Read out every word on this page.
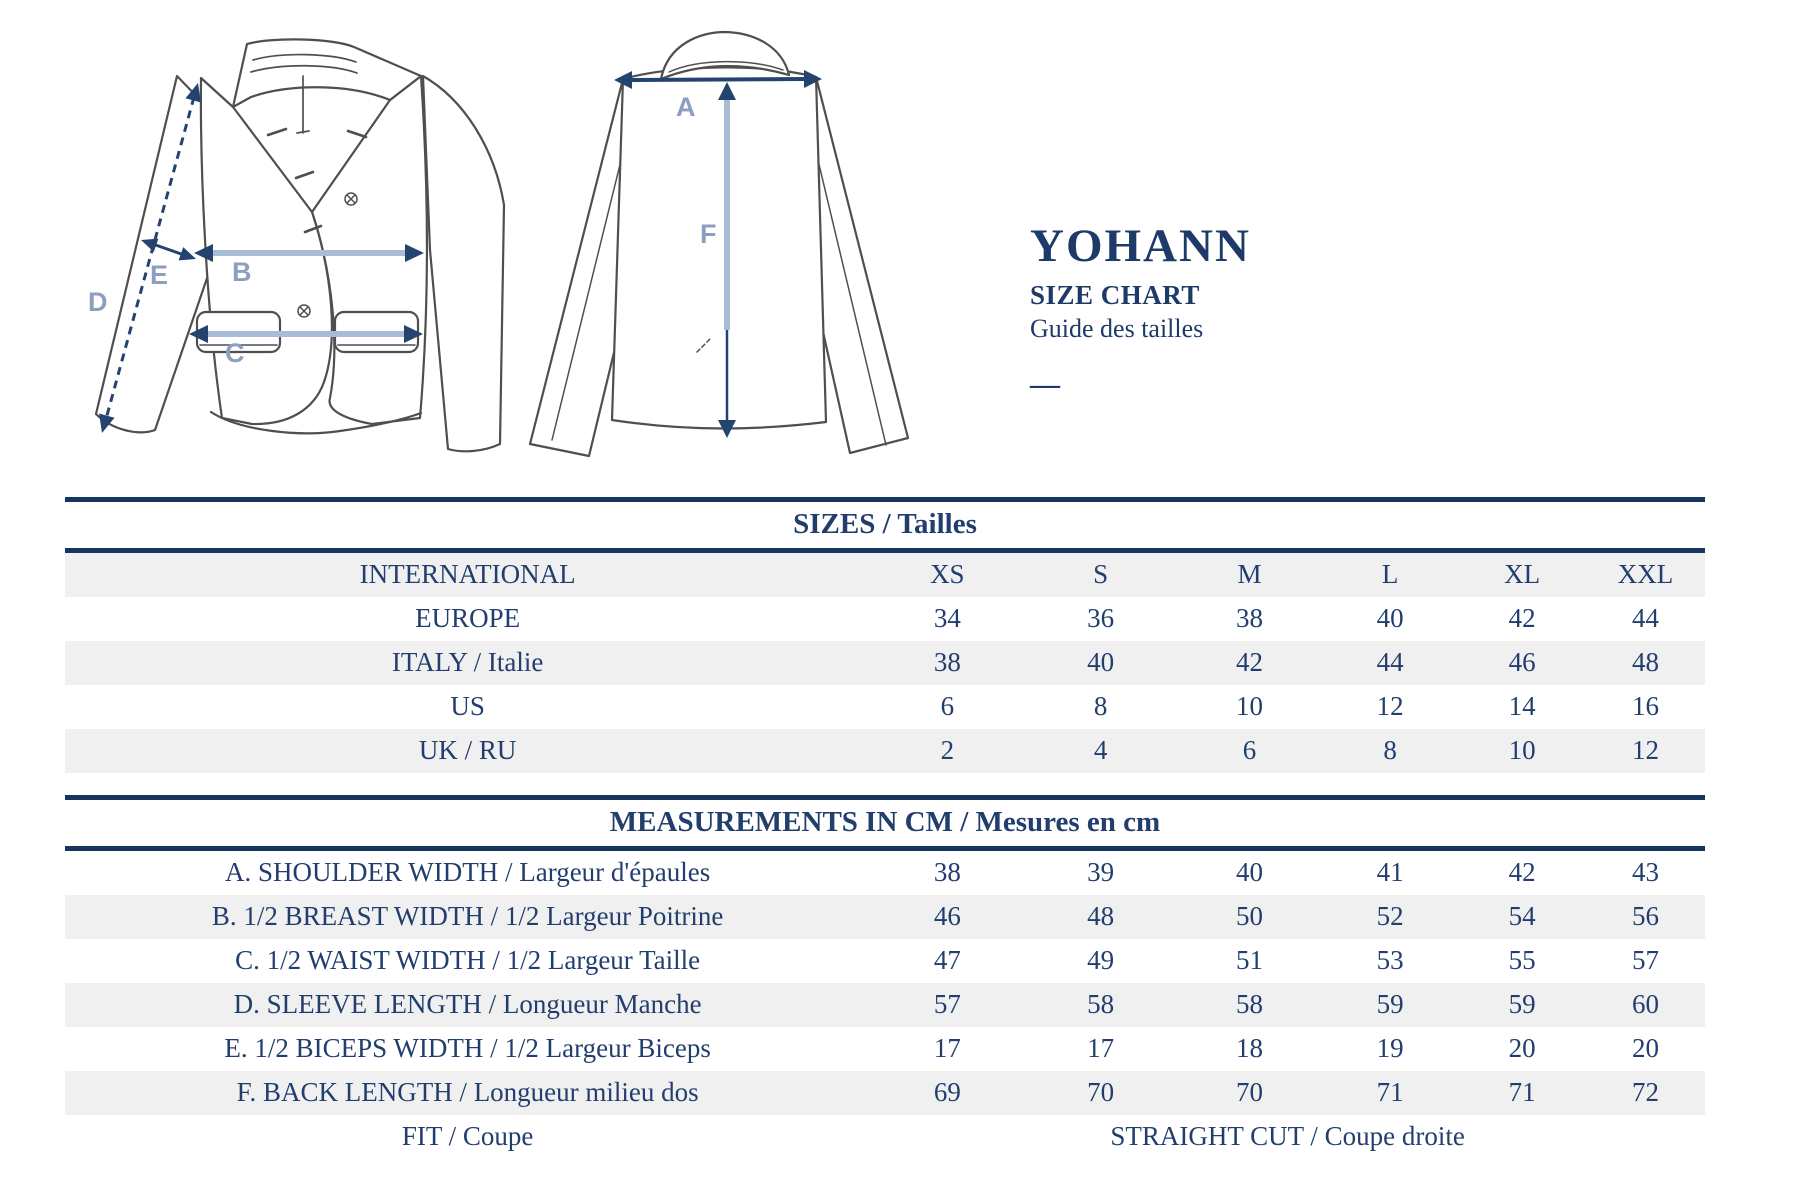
B
C
D
E
A
F	YOHANN
SIZE CHART
Guide des tailles
—
SIZES / Tailles						
INTERNATIONAL	XS	S	M	L	XL	XXL
EUROPE	34	36	38	40	42	44
ITALY / Italie	38	40	42	44	46	48
US	6	8	10	12	14	16
UK / RU	2	4	6	8	10	12
MEASUREMENTS IN CM / Mesures en cm						
A. SHOULDER WIDTH / Largeur d'épaules	38	39	40	41	42	43
B. 1/2 BREAST WIDTH / 1/2 Largeur Poitrine	46	48	50	52	54	56
C. 1/2 WAIST WIDTH / 1/2 Largeur Taille	47	49	51	53	55	57
D. SLEEVE LENGTH / Longueur Manche	57	58	58	59	59	60
E. 1/2 BICEPS WIDTH / 1/2 Largeur Biceps	17	17	18	19	20	20
F. BACK LENGTH / Longueur milieu dos	69	70	70	71	71	72
FIT / Coupe	STRAIGHT CUT / Coupe droite					
